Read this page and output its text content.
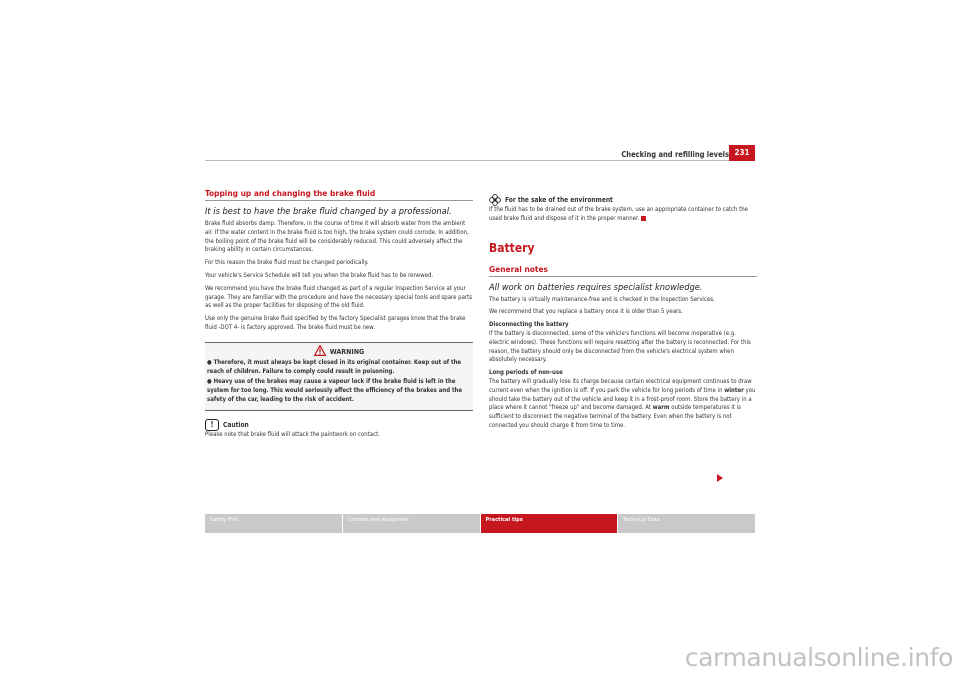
Checking and refilling levels 231
Topping up and changing the brake fluid
It is best to have the brake fluid changed by a professional.

Brake fluid absorbs damp. Therefore, in the course of time it will absorb water from the ambient air. If the water content in the brake fluid is too high, the brake system could corrode. In addition, the boiling point of the brake fluid will be considerably reduced. This could adversely affect the braking ability in certain circumstances.

For this reason the brake fluid must be changed periodically.

Your vehicle's Service Schedule will tell you when the brake fluid has to be renewed.

We recommend you have the brake fluid changed as part of a regular Inspection Service at your garage. They are familiar with the procedure and have the necessary special tools and spare parts as well as the proper facilities for disposing of the old fluid.

Use only the genuine brake fluid specified by the factory Specialist garages know that the brake fluid -DOT 4- is factory approved. The brake fluid must be new.

WARNING
● Therefore, it must always be kept closed in its original container. Keep out of the reach of children. Failure to comply could result in poisoning.
● Heavy use of the brakes may cause a vapour lock if the brake fluid is left in the system for too long. This would seriously affect the efficiency of the brakes and the safety of the car, leading to the risk of accident.
! Caution

Please note that brake fluid will attack the paintwork on contact.

For the sake of the environment

If the fluid has to be drained out of the brake system, use an appropriate container to catch the used brake fluid and dispose of it in the proper manner.

Battery
General notes
All work on batteries requires specialist knowledge.

The battery is virtually maintenance-free and is checked in the Inspection Services.

We recommend that you replace a battery once it is older than 5 years.

Disconnecting the battery

If the battery is disconnected, some of the vehicle's functions will become inoperative (e.g. electric windows). These functions will require resetting after the battery is reconnected. For this reason, the battery should only be disconnected from the vehicle's electrical system when absolutely necessary.

Long periods of non-use

The battery will gradually lose its charge because certain electrical equipment continues to draw current even when the ignition is off. If you park the vehicle for long periods of time in winter you should take the battery out of the vehicle and keep it in a frost-proof room. Store the battery in a place where it cannot "freeze up" and become damaged. At warm outside temperatures it is sufficient to disconnect the negative terminal of the battery. Even when the battery is not connected you should charge it from time to time.

Safety First	Controls and equipment	Practical tips	Technical Data
carmanualsonline.info
